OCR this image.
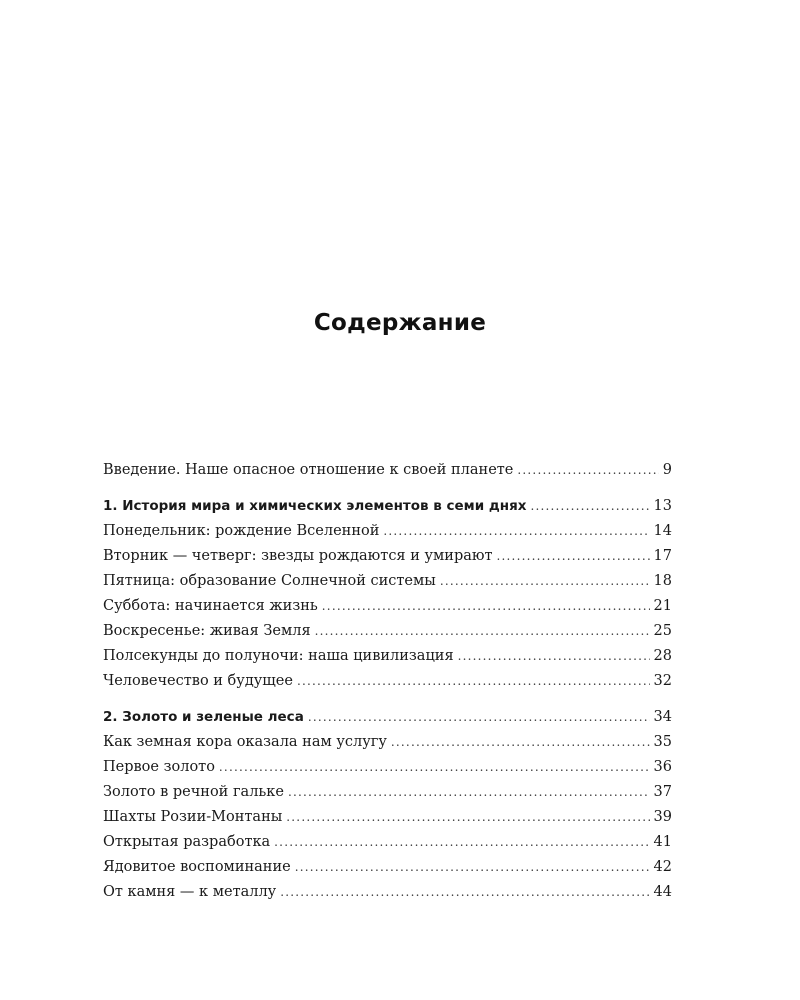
Содержание
Введение. Наше опасное отношение к своей планете .....	9
1. История мира и химических элементов в семи днях .....	13
Понедельник: рождение Вселенной .....	14
Вторник — четверг: звезды рождаются и умирают .....	17
Пятница: образование Солнечной системы .....	18
Суббота: начинается жизнь .....	21
Воскресенье: живая Земля .....	25
Полсекунды до полуночи: наша цивилизация .....	28
Человечество и будущее .....	32
2. Золото и зеленые леса .....	34
Как земная кора оказала нам услугу .....	35
Первое золото .....	36
Золото в речной гальке .....	37
Шахты Розии-Монтаны .....	39
Открытая разработка .....	41
Ядовитое воспоминание .....	42
От камня — к металлу .....	44
